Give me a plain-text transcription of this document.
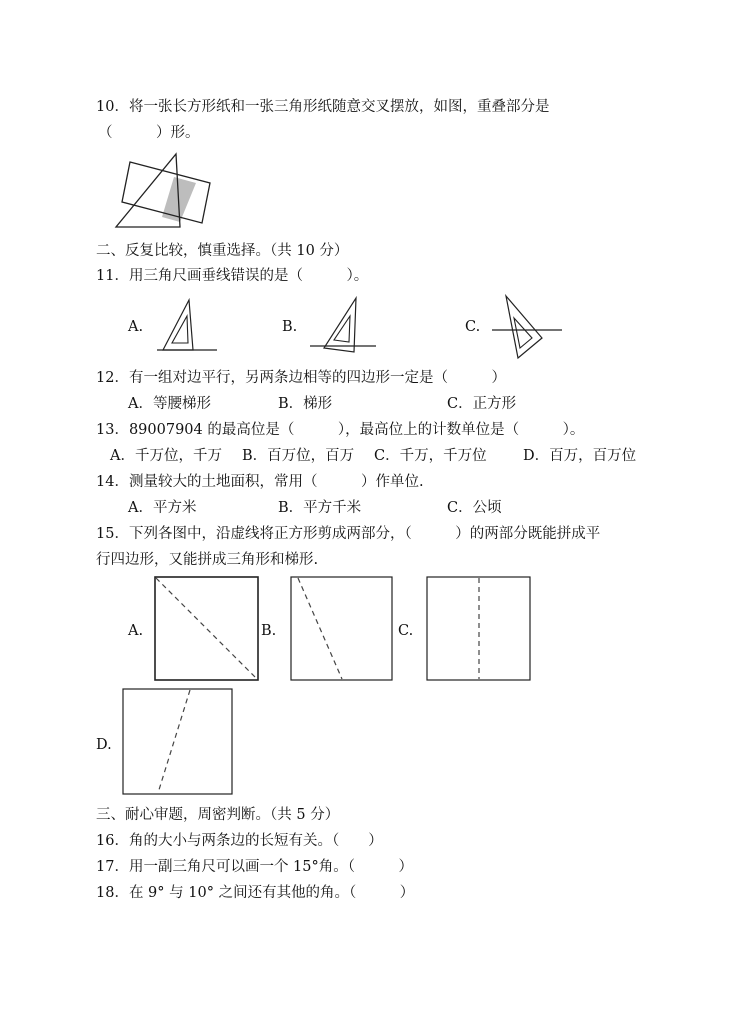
10．将一张长方形纸和一张三角形纸随意交叉摆放，如图，重叠部分是
（　　　）形。
二、反复比较，慎重选择。（共 10 分）
11．用三角尺画垂线错误的是（　　　）。
A.	B.	C.
12．有一组对边平行，另两条边相等的四边形一定是（　　　）
A．等腰梯形	B．梯形	C．正方形
13．89007904 的最高位是（　　　），最高位上的计数单位是（　　　）。
A．千万位，千万 B．百万位，百万 C．千万，千万位	D．百万，百万位
14．测量较大的土地面积，常用（　　　）作单位.
A．平方米	B．平方千米	C．公顷
15．下列各图中，沿虚线将正方形剪成两部分，（　　　）的两部分既能拼成平
行四边形，又能拼成三角形和梯形.
A.	B.	C.
D.
三、耐心审题，周密判断。（共 5 分）
16．角的大小与两条边的长短有关。（　　）
17．用一副三角尺可以画一个 15°角。（　　　）
18．在 9° 与 10° 之间还有其他的角。（　　　）
